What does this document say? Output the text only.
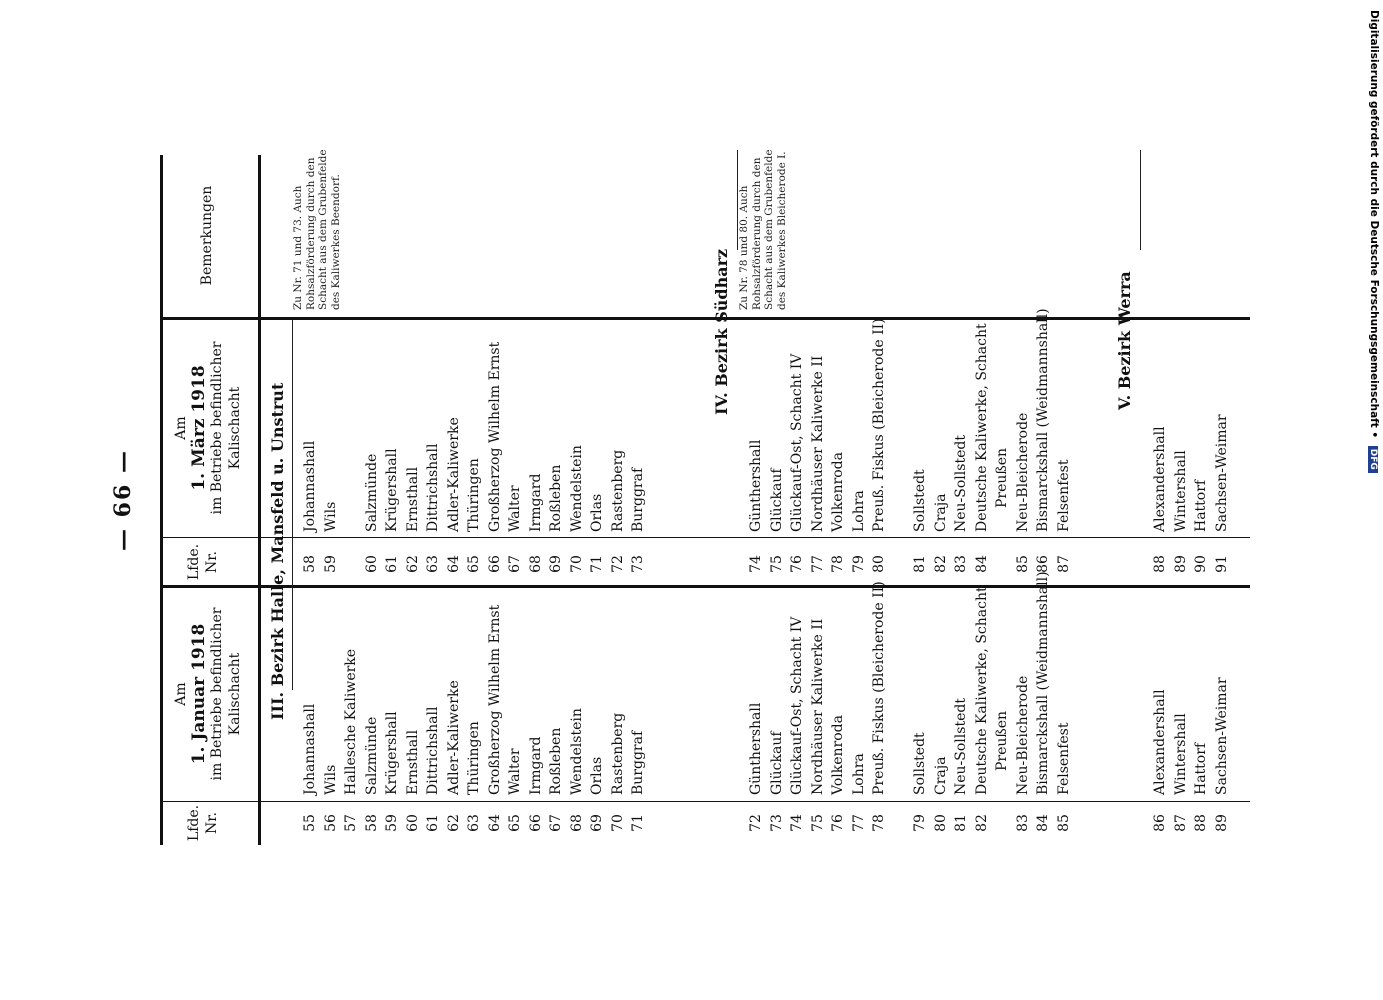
— 66 —
Lfde. Nr.
Am 1. Januar 1918 im Betriebe befindlicher Kalischacht
Lfde. Nr.
Am 1. März 1918 im Betriebe befindlicher Kalischacht
Bemerkungen
III. Bezirk Halle, Mansfeld u. Unstrut
55
Johannashall
58
Johannashall
56
Wils
59
Wils
57
Hallesche Kaliwerke
58
Salzmünde
60
Salzmünde
59
Krügershall
61
Krügershall
60
Ernsthall
62
Ernsthall
61
Dittrichshall
63
Dittrichshall
62
Adler-Kaliwerke
64
Adler-Kaliwerke
63
Thüringen
65
Thüringen
64
Großherzog Wilhelm Ernst
66
Großherzog Wilhelm Ernst
65
Walter
67
Walter
66
Irmgard
68
Irmgard
67
Roßleben
69
Roßleben
68
Wendelstein
70
Wendelstein
69
Orlas
71
Orlas
70
Rastenberg
72
Rastenberg
71
Burggraf
73
Burggraf
Zu Nr. 71 und 73. Auch Rohsalzförderung durch den Schacht aus dem Grubenfelde des Kaliwerkes Beendorf.
IV. Bezirk Südharz
72
Günthershall
74
Günthershall
73
Glückauf
75
Glückauf
74
Glückauf-Ost, Schacht IV
76
Glückauf-Ost, Schacht IV
75
Nordhäuser Kaliwerke II
77
Nordhäuser Kaliwerke II
76
Volkenroda
78
Volkenroda
77
Lohra
79
Lohra
78
Preuß. Fiskus (Bleicherode II)
80
Preuß. Fiskus (Bleicherode II)
79
Sollstedt
81
Sollstedt
80
Craja
82
Craja
81
Neu-Sollstedt
83
Neu-Sollstedt
82
Deutsche Kaliwerke, Schacht
84
Deutsche Kaliwerke, Schacht
Preußen
Preußen
83
Neu-Bleicherode
85
Neu-Bleicherode
84
Bismarckshall (Weidmannshall)
86
Bismarckshall (Weidmannshall)
85
Felsenfest
87
Felsenfest
Zu Nr. 78 und 80. Auch Rohsalzförderung durch den Schacht aus dem Grubenfelde des Kaliwerkes Bleicherode I.
V. Bezirk Werra
86
Alexandershall
88
Alexandershall
87
Wintershall
89
Wintershall
88
Hattorf
90
Hattorf
89
Sachsen-Weimar
91
Sachsen-Weimar
Digitalisierung gefördert durch die Deutsche Forschungsgemeinschaft • DFG
